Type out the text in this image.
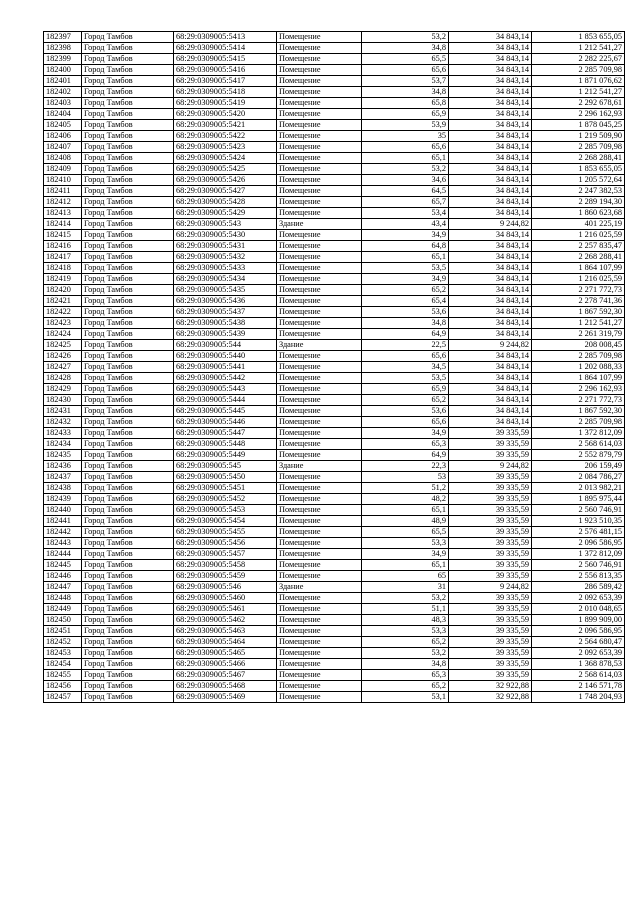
182397	Город Тамбов	68:29:0309005:5413	Помещение	53,2	34 843,14	1 853 655,05
182398	Город Тамбов	68:29:0309005:5414	Помещение	34,8	34 843,14	1 212 541,27
182399	Город Тамбов	68:29:0309005:5415	Помещение	65,5	34 843,14	2 282 225,67
182400	Город Тамбов	68:29:0309005:5416	Помещение	65,6	34 843,14	2 285 709,98
182401	Город Тамбов	68:29:0309005:5417	Помещение	53,7	34 843,14	1 871 076,62
182402	Город Тамбов	68:29:0309005:5418	Помещение	34,8	34 843,14	1 212 541,27
182403	Город Тамбов	68:29:0309005:5419	Помещение	65,8	34 843,14	2 292 678,61
182404	Город Тамбов	68:29:0309005:5420	Помещение	65,9	34 843,14	2 296 162,93
182405	Город Тамбов	68:29:0309005:5421	Помещение	53,9	34 843,14	1 878 045,25
182406	Город Тамбов	68:29:0309005:5422	Помещение	35	34 843,14	1 219 509,90
182407	Город Тамбов	68:29:0309005:5423	Помещение	65,6	34 843,14	2 285 709,98
182408	Город Тамбов	68:29:0309005:5424	Помещение	65,1	34 843,14	2 268 288,41
182409	Город Тамбов	68:29:0309005:5425	Помещение	53,2	34 843,14	1 853 655,05
182410	Город Тамбов	68:29:0309005:5426	Помещение	34,6	34 843,14	1 205 572,64
182411	Город Тамбов	68:29:0309005:5427	Помещение	64,5	34 843,14	2 247 382,53
182412	Город Тамбов	68:29:0309005:5428	Помещение	65,7	34 843,14	2 289 194,30
182413	Город Тамбов	68:29:0309005:5429	Помещение	53,4	34 843,14	1 860 623,68
182414	Город Тамбов	68:29:0309005:543	Здание	43,4	9 244,82	401 225,19
182415	Город Тамбов	68:29:0309005:5430	Помещение	34,9	34 843,14	1 216 025,59
182416	Город Тамбов	68:29:0309005:5431	Помещение	64,8	34 843,14	2 257 835,47
182417	Город Тамбов	68:29:0309005:5432	Помещение	65,1	34 843,14	2 268 288,41
182418	Город Тамбов	68:29:0309005:5433	Помещение	53,5	34 843,14	1 864 107,99
182419	Город Тамбов	68:29:0309005:5434	Помещение	34,9	34 843,14	1 216 025,59
182420	Город Тамбов	68:29:0309005:5435	Помещение	65,2	34 843,14	2 271 772,73
182421	Город Тамбов	68:29:0309005:5436	Помещение	65,4	34 843,14	2 278 741,36
182422	Город Тамбов	68:29:0309005:5437	Помещение	53,6	34 843,14	1 867 592,30
182423	Город Тамбов	68:29:0309005:5438	Помещение	34,8	34 843,14	1 212 541,27
182424	Город Тамбов	68:29:0309005:5439	Помещение	64,9	34 843,14	2 261 319,79
182425	Город Тамбов	68:29:0309005:544	Здание	22,5	9 244,82	208 008,45
182426	Город Тамбов	68:29:0309005:5440	Помещение	65,6	34 843,14	2 285 709,98
182427	Город Тамбов	68:29:0309005:5441	Помещение	34,5	34 843,14	1 202 088,33
182428	Город Тамбов	68:29:0309005:5442	Помещение	53,5	34 843,14	1 864 107,99
182429	Город Тамбов	68:29:0309005:5443	Помещение	65,9	34 843,14	2 296 162,93
182430	Город Тамбов	68:29:0309005:5444	Помещение	65,2	34 843,14	2 271 772,73
182431	Город Тамбов	68:29:0309005:5445	Помещение	53,6	34 843,14	1 867 592,30
182432	Город Тамбов	68:29:0309005:5446	Помещение	65,6	34 843,14	2 285 709,98
182433	Город Тамбов	68:29:0309005:5447	Помещение	34,9	39 335,59	1 372 812,09
182434	Город Тамбов	68:29:0309005:5448	Помещение	65,3	39 335,59	2 568 614,03
182435	Город Тамбов	68:29:0309005:5449	Помещение	64,9	39 335,59	2 552 879,79
182436	Город Тамбов	68:29:0309005:545	Здание	22,3	9 244,82	206 159,49
182437	Город Тамбов	68:29:0309005:5450	Помещение	53	39 335,59	2 084 786,27
182438	Город Тамбов	68:29:0309005:5451	Помещение	51,2	39 335,59	2 013 982,21
182439	Город Тамбов	68:29:0309005:5452	Помещение	48,2	39 335,59	1 895 975,44
182440	Город Тамбов	68:29:0309005:5453	Помещение	65,1	39 335,59	2 560 746,91
182441	Город Тамбов	68:29:0309005:5454	Помещение	48,9	39 335,59	1 923 510,35
182442	Город Тамбов	68:29:0309005:5455	Помещение	65,5	39 335,59	2 576 481,15
182443	Город Тамбов	68:29:0309005:5456	Помещение	53,3	39 335,59	2 096 586,95
182444	Город Тамбов	68:29:0309005:5457	Помещение	34,9	39 335,59	1 372 812,09
182445	Город Тамбов	68:29:0309005:5458	Помещение	65,1	39 335,59	2 560 746,91
182446	Город Тамбов	68:29:0309005:5459	Помещение	65	39 335,59	2 556 813,35
182447	Город Тамбов	68:29:0309005:546	Здание	31	9 244,82	286 589,42
182448	Город Тамбов	68:29:0309005:5460	Помещение	53,2	39 335,59	2 092 653,39
182449	Город Тамбов	68:29:0309005:5461	Помещение	51,1	39 335,59	2 010 048,65
182450	Город Тамбов	68:29:0309005:5462	Помещение	48,3	39 335,59	1 899 909,00
182451	Город Тамбов	68:29:0309005:5463	Помещение	53,3	39 335,59	2 096 586,95
182452	Город Тамбов	68:29:0309005:5464	Помещение	65,2	39 335,59	2 564 680,47
182453	Город Тамбов	68:29:0309005:5465	Помещение	53,2	39 335,59	2 092 653,39
182454	Город Тамбов	68:29:0309005:5466	Помещение	34,8	39 335,59	1 368 878,53
182455	Город Тамбов	68:29:0309005:5467	Помещение	65,3	39 335,59	2 568 614,03
182456	Город Тамбов	68:29:0309005:5468	Помещение	65,2	32 922,88	2 146 571,78
182457	Город Тамбов	68:29:0309005:5469	Помещение	53,1	32 922,88	1 748 204,93
